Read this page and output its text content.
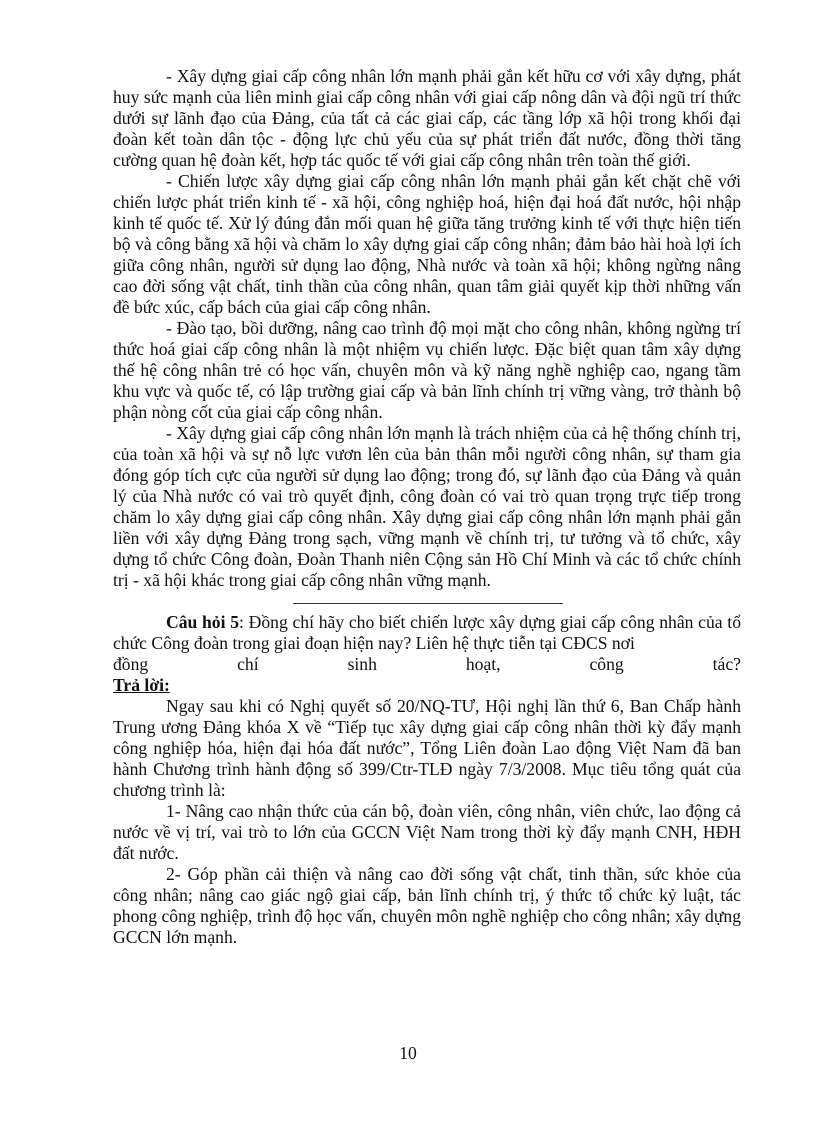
- Xây dựng giai cấp công nhân lớn mạnh phải gắn kết hữu cơ với xây dựng, phát huy sức mạnh của liên minh giai cấp công nhân với giai cấp nông dân và đội ngũ trí thức dưới sự lãnh đạo của Đảng, của tất cả các giai cấp, các tầng lớp xã hội trong khối đại đoàn kết toàn dân tộc - động lực chủ yếu của sự phát triển đất nước, đồng thời tăng cường quan hệ đoàn kết, hợp tác quốc tế với giai cấp công nhân trên toàn thế giới.

- Chiến lược xây dựng giai cấp công nhân lớn mạnh phải gắn kết chặt chẽ với chiến lược phát triển kinh tế - xã hội, công nghiệp hoá, hiện đại hoá đất nước, hội nhập kinh tế quốc tế. Xử lý đúng đắn mối quan hệ giữa tăng trưởng kinh tế với thực hiện tiến bộ và công bằng xã hội và chăm lo xây dựng giai cấp công nhân; đảm bảo hài hoà lợi ích giữa công nhân, người sử dụng lao động, Nhà nước và toàn xã hội; không ngừng nâng cao đời sống vật chất, tinh thần của công nhân, quan tâm giải quyết kịp thời những vấn đề bức xúc, cấp bách của giai cấp công nhân.

- Đào tạo, bồi dưỡng, nâng cao trình độ mọi mặt cho công nhân, không ngừng trí thức hoá giai cấp công nhân là một nhiệm vụ chiến lược. Đặc biệt quan tâm xây dựng thế hệ công nhân trẻ có học vấn, chuyên môn và kỹ năng nghề nghiệp cao, ngang tầm khu vực và quốc tế, có lập trường giai cấp và bản lĩnh chính trị vững vàng, trở thành bộ phận nòng cốt của giai cấp công nhân.

- Xây dựng giai cấp công nhân lớn mạnh là trách nhiệm của cả hệ thống chính trị, của toàn xã hội và sự nỗ lực vươn lên của bản thân mỗi người công nhân, sự tham gia đóng góp tích cực của người sử dụng lao động; trong đó, sự lãnh đạo của Đảng và quản lý của Nhà nước có vai trò quyết định, công đoàn có vai trò quan trọng trực tiếp trong chăm lo xây dựng giai cấp công nhân. Xây dựng giai cấp công nhân lớn mạnh phải gắn liền với xây dựng Đảng trong sạch, vững mạnh về chính trị, tư tưởng và tổ chức, xây dựng tổ chức Công đoàn, Đoàn Thanh niên Cộng sản Hồ Chí Minh và các tổ chức chính trị - xã hội khác trong giai cấp công nhân vững mạnh.

Câu hỏi 5: Đồng chí hãy cho biết chiến lược xây dựng giai cấp công nhân của tổ chức Công đoàn trong giai đoạn hiện nay? Liên hệ thực tiễn tại CĐCS nơi
đồng	chí	sinh	hoạt,	công	tác?

Trả lời:

Ngay sau khi có Nghị quyết số 20/NQ-TƯ, Hội nghị lần thứ 6, Ban Chấp hành Trung ương Đảng khóa X về “Tiếp tục xây dựng giai cấp công nhân thời kỳ đẩy mạnh công nghiệp hóa, hiện đại hóa đất nước”, Tổng Liên đoàn Lao động Việt Nam đã ban hành Chương trình hành động số 399/Ctr-TLĐ ngày 7/3/2008. Mục tiêu tổng quát của chương trình là:

1- Nâng cao nhận thức của cán bộ, đoàn viên, công nhân, viên chức, lao động cả nước về vị trí, vai trò to lớn của GCCN Việt Nam trong thời kỳ đẩy mạnh CNH, HĐH đất nước.

2- Góp phần cải thiện và nâng cao đời sống vật chất, tinh thần, sức khỏe của công nhân; nâng cao giác ngộ giai cấp, bản lĩnh chính trị, ý thức tổ chức kỷ luật, tác phong công nghiệp, trình độ học vấn, chuyên môn nghề nghiệp cho công nhân; xây dựng GCCN lớn mạnh.

10
